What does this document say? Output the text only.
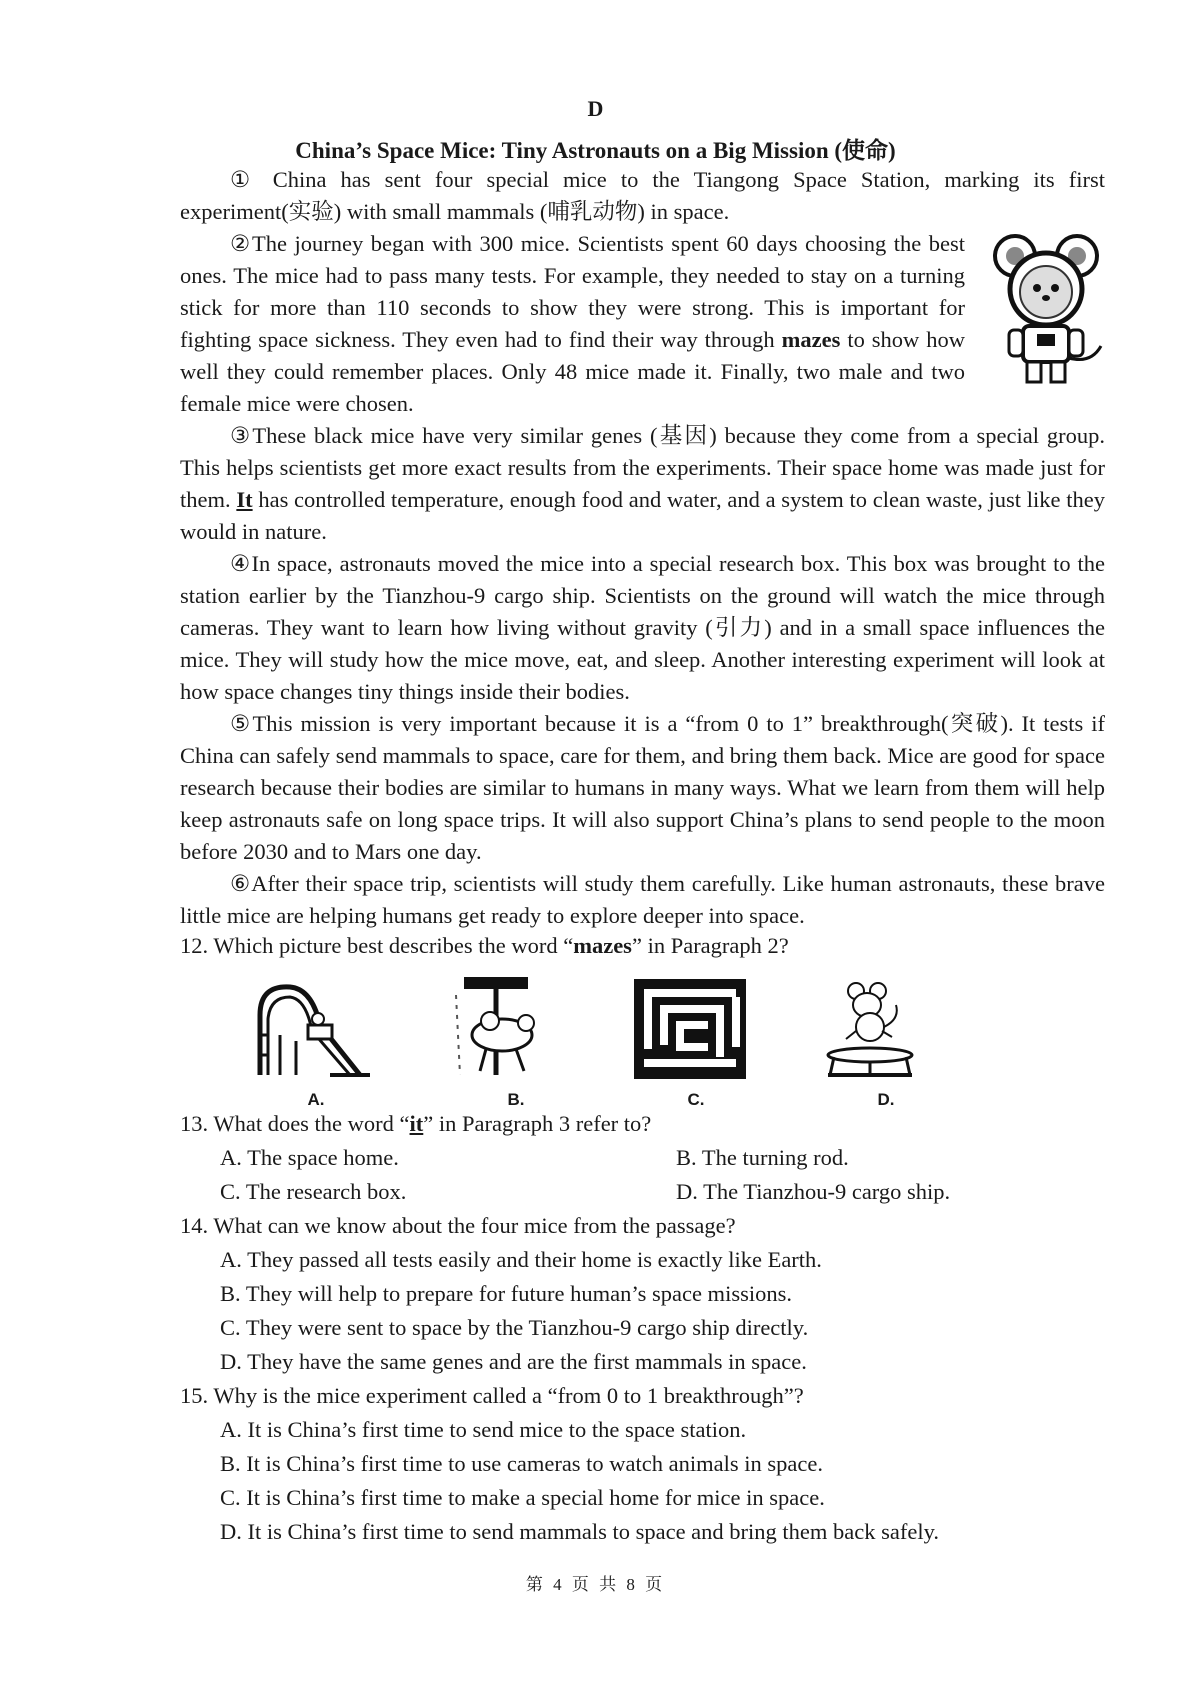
D
China’s Space Mice: Tiny Astronauts on a Big Mission (使命)

① China has sent four special mice to the Tiangong Space Station, marking its first experiment(实验) with small mammals (哺乳动物) in space.

②The journey began with 300 mice. Scientists spent 60 days choosing the best ones. The mice had to pass many tests. For example, they needed to stay on a turning stick for more than 110 seconds to show they were strong. This is important for fighting space sickness. They even had to find their way through mazes to show how well they could remember places. Only 48 mice made it. Finally, two male and two female mice were chosen.

③These black mice have very similar genes (基因) because they come from a special group. This helps scientists get more exact results from the experiments. Their space home was made just for them. It has controlled temperature, enough food and water, and a system to clean waste, just like they would in nature.

④In space, astronauts moved the mice into a special research box. This box was brought to the station earlier by the Tianzhou-9 cargo ship. Scientists on the ground will watch the mice through cameras. They want to learn how living without gravity (引力) and in a small space influences the mice. They will study how the mice move, eat, and sleep. Another interesting experiment will look at how space changes tiny things inside their bodies.

⑤This mission is very important because it is a “from 0 to 1” breakthrough(突破). It tests if China can safely send mammals to space, care for them, and bring them back. Mice are good for space research because their bodies are similar to humans in many ways. What we learn from them will help keep astronauts safe on long space trips. It will also support China’s plans to send people to the moon before 2030 and to Mars one day.

⑥After their space trip, scientists will study them carefully. Like human astronauts, these brave little mice are helping humans get ready to explore deeper into space.

12. Which picture best describes the word “mazes” in Paragraph 2?
A.	B.	C.	D.
13. What does the word “it” in Paragraph 3 refer to?
A. The space home.	B. The turning rod.
C. The research box.	D. The Tianzhou-9 cargo ship.
14. What can we know about the four mice from the passage?
A. They passed all tests easily and their home is exactly like Earth.
B. They will help to prepare for future human’s space missions.
C. They were sent to space by the Tianzhou-9 cargo ship directly.
D. They have the same genes and are the first mammals in space.
15. Why is the mice experiment called a “from 0 to 1 breakthrough”?
A. It is China’s first time to send mice to the space station.
B. It is China’s first time to use cameras to watch animals in space.
C. It is China’s first time to make a special home for mice in space.
D. It is China’s first time to send mammals to space and bring them back safely.
第 4 页 共 8 页
